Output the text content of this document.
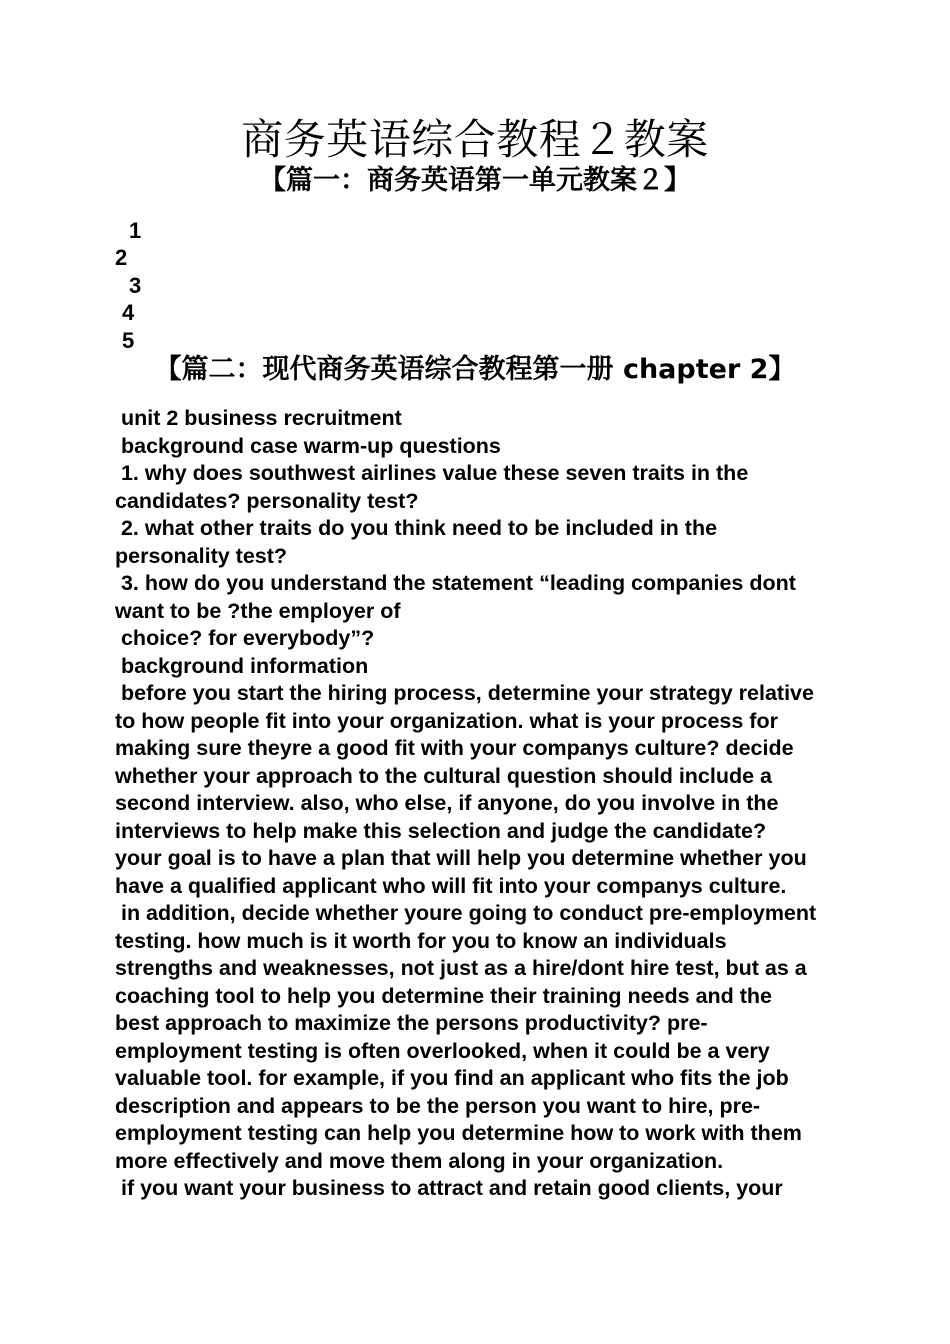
商务英语综合教程２教案
【篇一：商务英语第一单元教案２】
1
2
3
4
5
【篇二：现代商务英语综合教程第一册 chapter 2】
unit 2 business recruitment
background case warm-up questions
1. why does southwest airlines value these seven traits in the
candidates? personality test?
2. what other traits do you think need to be included in the
personality test?
3. how do you understand the statement “leading companies dont
want to be ?the employer of
choice? for everybody”?
background information
before you start the hiring process, determine your strategy relative
to how people fit into your organization. what is your process for
making sure theyre a good fit with your companys culture? decide
whether your approach to the cultural question should include a
second interview. also, who else, if anyone, do you involve in the
interviews to help make this selection and judge the candidate?
your goal is to have a plan that will help you determine whether you
have a qualified applicant who will fit into your companys culture.
in addition, decide whether youre going to conduct pre-employment
testing. how much is it worth for you to know an individuals
strengths and weaknesses, not just as a hire/dont hire test, but as a
coaching tool to help you determine their training needs and the
best approach to maximize the persons productivity? pre-
employment testing is often overlooked, when it could be a very
valuable tool. for example, if you find an applicant who fits the job
description and appears to be the person you want to hire, pre-
employment testing can help you determine how to work with them
more effectively and move them along in your organization.
if you want your business to attract and retain good clients, your
